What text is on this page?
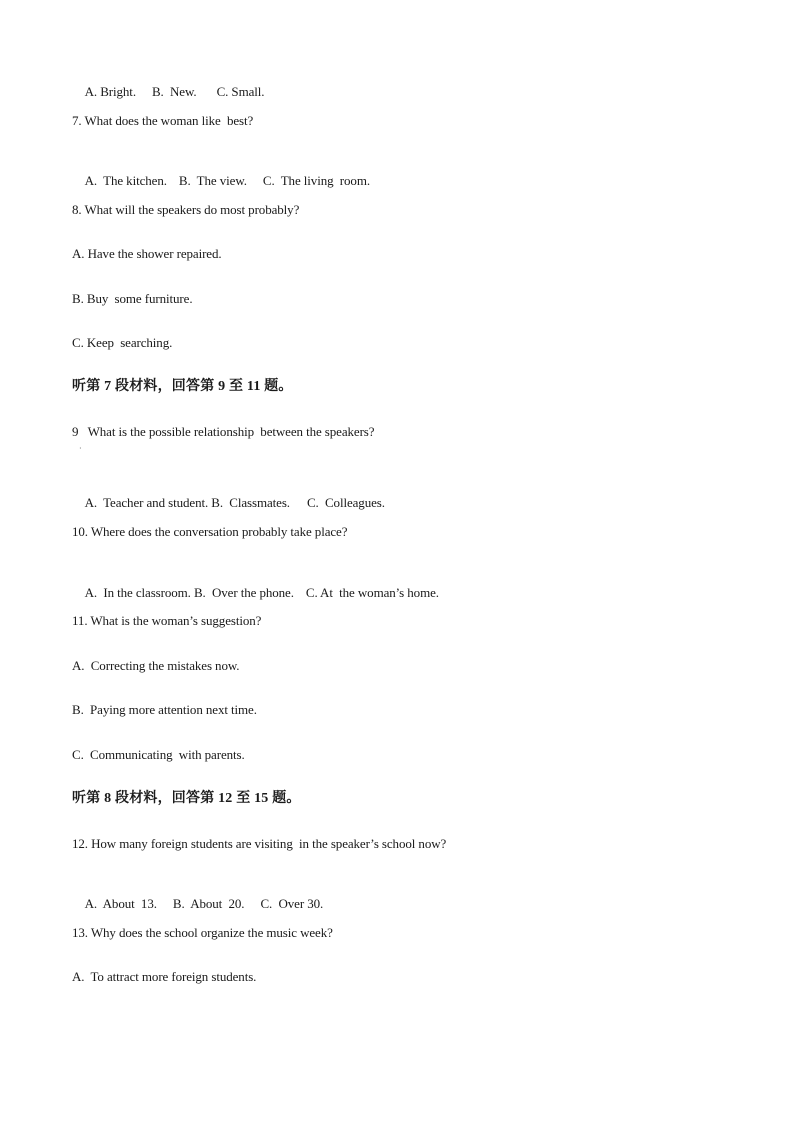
A. Bright. B.  New. C. Small.

7. What does the woman like  best?

A.  The kitchen. B.  The view. C.  The living  room.

8. What will the speakers do most probably?
A. Have the shower repaired.
B. Buy  some furniture.
C. Keep  searching.
听第 7 段材料，回答第 9 至 11 题。
9   What is the possible relationship  between the speakers?
·

A.  Teacher and student. B.  Classmates. C.  Colleagues.

10. Where does the conversation probably take place?

A.  In the classroom. B.  Over the phone. C. At  the woman’s home.

11. What is the woman’s suggestion?
A.  Correcting the mistakes now.
B.  Paying more attention next time.
C.  Communicating  with parents.
听第 8 段材料，回答第 12 至 15 题。
12. How many foreign students are visiting  in the speaker’s school now?

A.  About  13. B.  About  20. C.  Over 30.

13. Why does the school organize the music week?
A.  To attract more foreign students.
